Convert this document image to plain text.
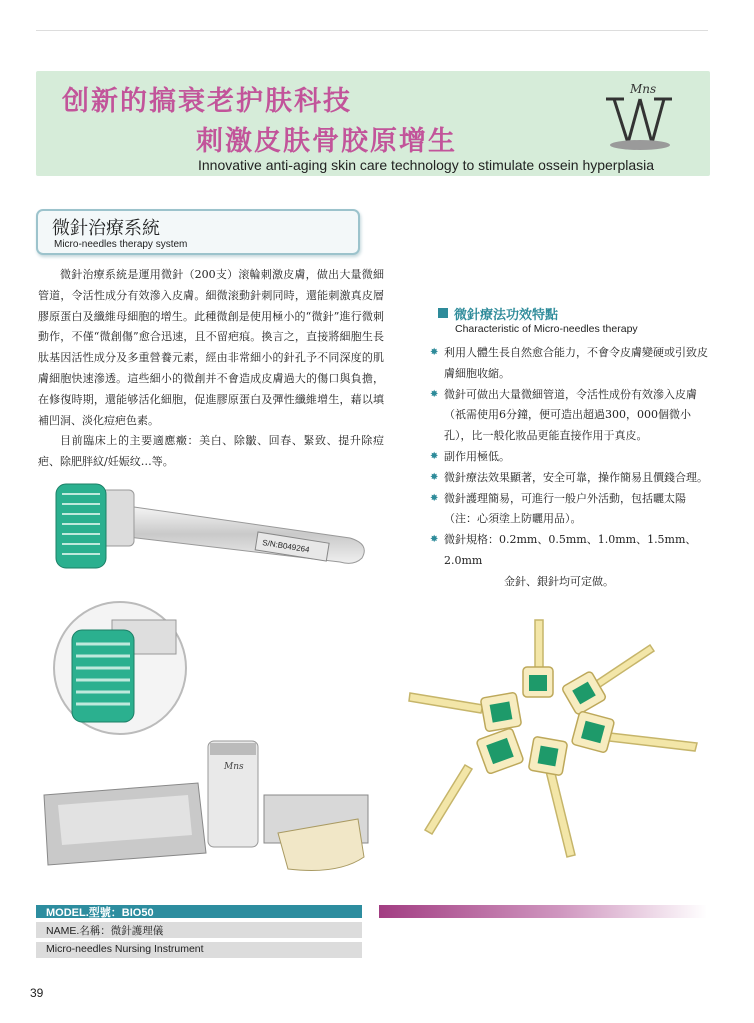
创新的搞衰老护肤科技
刺激皮肤骨胶原增生
Innovative anti-aging skin care technology to stimulate ossein hyperplasia
Mns
微針治療系統
Micro-needles therapy system

微針治療系統是運用微針（200支）滚輪刺激皮膚，做出大量微細管道，令活性成分有效滲入皮膚。細微滚動針刺同時，還能刺激真皮層膠原蛋白及纖維母細胞的增生。此種微創是使用極小的“微針”進行微刺動作，不僅“微創傷”愈合迅速，且不留疤痕。換言之，直接將細胞生長肽基因活性成分及多重營養元素，經由非常細小的針孔予不同深度的肌膚細胞快速滲透。這些細小的微創并不會造成皮膚過大的傷口與負擔，在修復時期，還能够活化細胞，促進膠原蛋白及彈性纖維增生，藉以填補凹洞、淡化痘疤色素。

目前臨床上的主要適應癥：美白、除皺、回春、緊致、提升除痘疤、除肥胖紋/妊娠纹…等。

微針療法功效特點
Characteristic of Micro-needles therapy
✸ 利用人體生長自然愈合能力，不會令皮膚變硬或引致皮膚細胞收縮。
✸ 微針可做出大量微細管道，令活性成份有效滲入皮膚（祇需使用6分鐘，便可造出超過300，000個微小孔），比一般化妝品更能直接作用于真皮。
✸ 副作用極低。
✸ 微針療法效果顯著，安全可靠，操作簡易且價錢合理。
✸ 微針護理簡易，可進行一般户外活動，包括曬太陽（注：心須塗上防曬用品）。
✸ 微針規格：0.2mm、0.5mm、1.0mm、1.5mm、2.0mm
金針、銀針均可定做。
S/N:B049264
Mns
MODEL.型號：BIO50
NAME.名稱：微針護理儀
Micro-needles Nursing Instrument
39
